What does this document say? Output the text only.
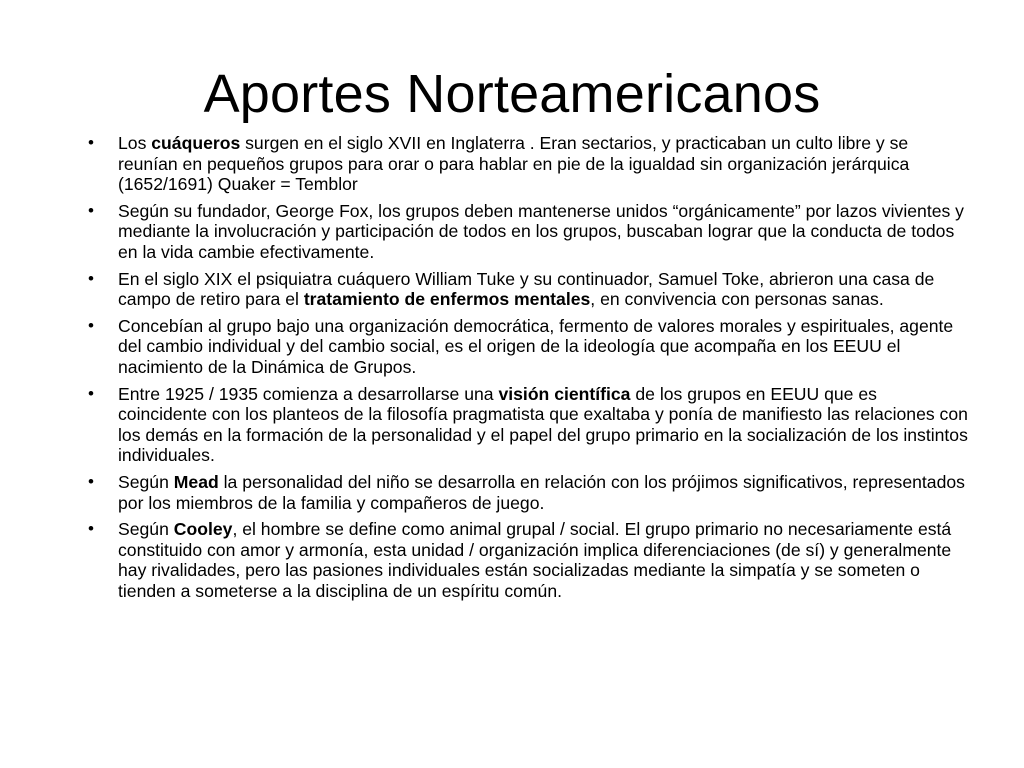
Aportes Norteamericanos
•	Los cuáqueros surgen en el siglo XVII en Inglaterra . Eran sectarios, y practicaban un culto libre y se reunían en pequeños grupos para orar o para hablar en pie de la igualdad sin organización jerárquica (1652/1691) Quaker = Temblor
•	Según su fundador, George Fox, los grupos deben mantenerse unidos “orgánicamente” por lazos vivientes y mediante la involucración y participación de todos en los grupos, buscaban lograr que la conducta de todos en la vida cambie efectivamente.
•	En el siglo XIX el psiquiatra cuáquero William Tuke y su continuador, Samuel Toke, abrieron una casa de campo de retiro para el tratamiento de enfermos mentales, en convivencia con personas sanas.
•	Concebían al grupo bajo una organización democrática, fermento de valores morales y espirituales, agente del cambio individual y del cambio social, es el origen de la ideología que acompaña en los EEUU el nacimiento de la Dinámica de Grupos.
•	Entre 1925 / 1935 comienza a desarrollarse una visión científica de los grupos en EEUU que es coincidente con los planteos de la filosofía pragmatista que exaltaba y ponía de manifiesto las relaciones con los demás en la formación de la personalidad y el papel del grupo primario en la socialización de los instintos individuales.
•	Según Mead la personalidad del niño se desarrolla en relación con los prójimos significativos, representados por los miembros de la familia y compañeros de juego.
•	Según Cooley, el hombre se define como animal grupal / social. El grupo primario no necesariamente está constituido con amor y armonía, esta unidad / organización implica diferenciaciones (de sí) y generalmente hay rivalidades, pero las pasiones individuales están socializadas mediante la simpatía y se someten o tienden a someterse a la disciplina de un espíritu común.
